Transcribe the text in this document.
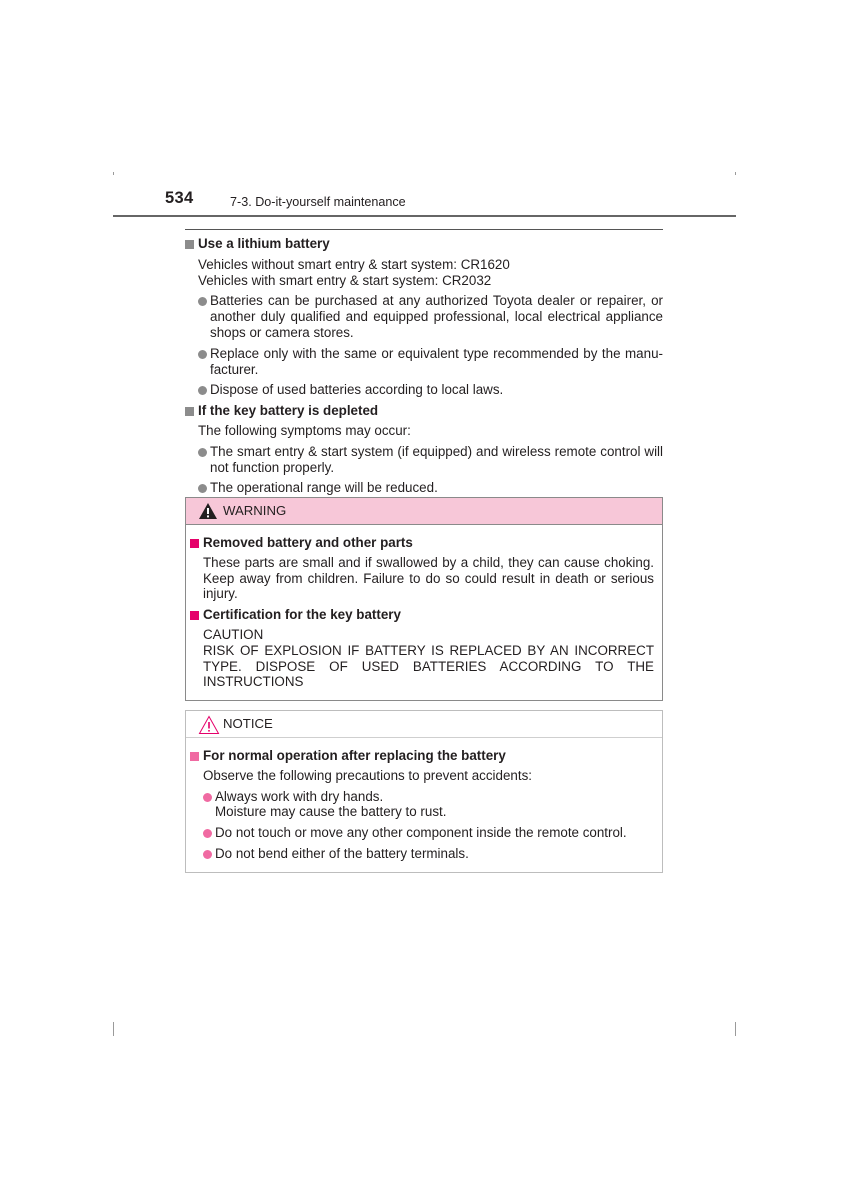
534	7-3. Do-it-yourself maintenance

Use a lithium battery

Vehicles without smart entry & start system: CR1620

Vehicles with smart entry & start system: CR2032

Batteries can be purchased at any authorized Toyota dealer or repairer, or another duly qualified and equipped professional, local electrical appliance shops or camera stores.

Replace only with the same or equivalent type recommended by the manu-facturer.

Dispose of used batteries according to local laws.

If the key battery is depleted

The following symptoms may occur:

The smart entry & start system (if equipped) and wireless remote control will not function properly.

The operational range will be reduced.

WARNING

Removed battery and other parts

These parts are small and if swallowed by a child, they can cause choking. Keep away from children. Failure to do so could result in death or serious injury.

Certification for the key battery

CAUTION

RISK OF EXPLOSION IF BATTERY IS REPLACED BY AN INCORRECT

TYPE. DISPOSE OF USED BATTERIES ACCORDING TO THE

INSTRUCTIONS

NOTICE

For normal operation after replacing the battery

Observe the following precautions to prevent accidents:

Always work with dry hands.
Moisture may cause the battery to rust.

Do not touch or move any other component inside the remote control.

Do not bend either of the battery terminals.
